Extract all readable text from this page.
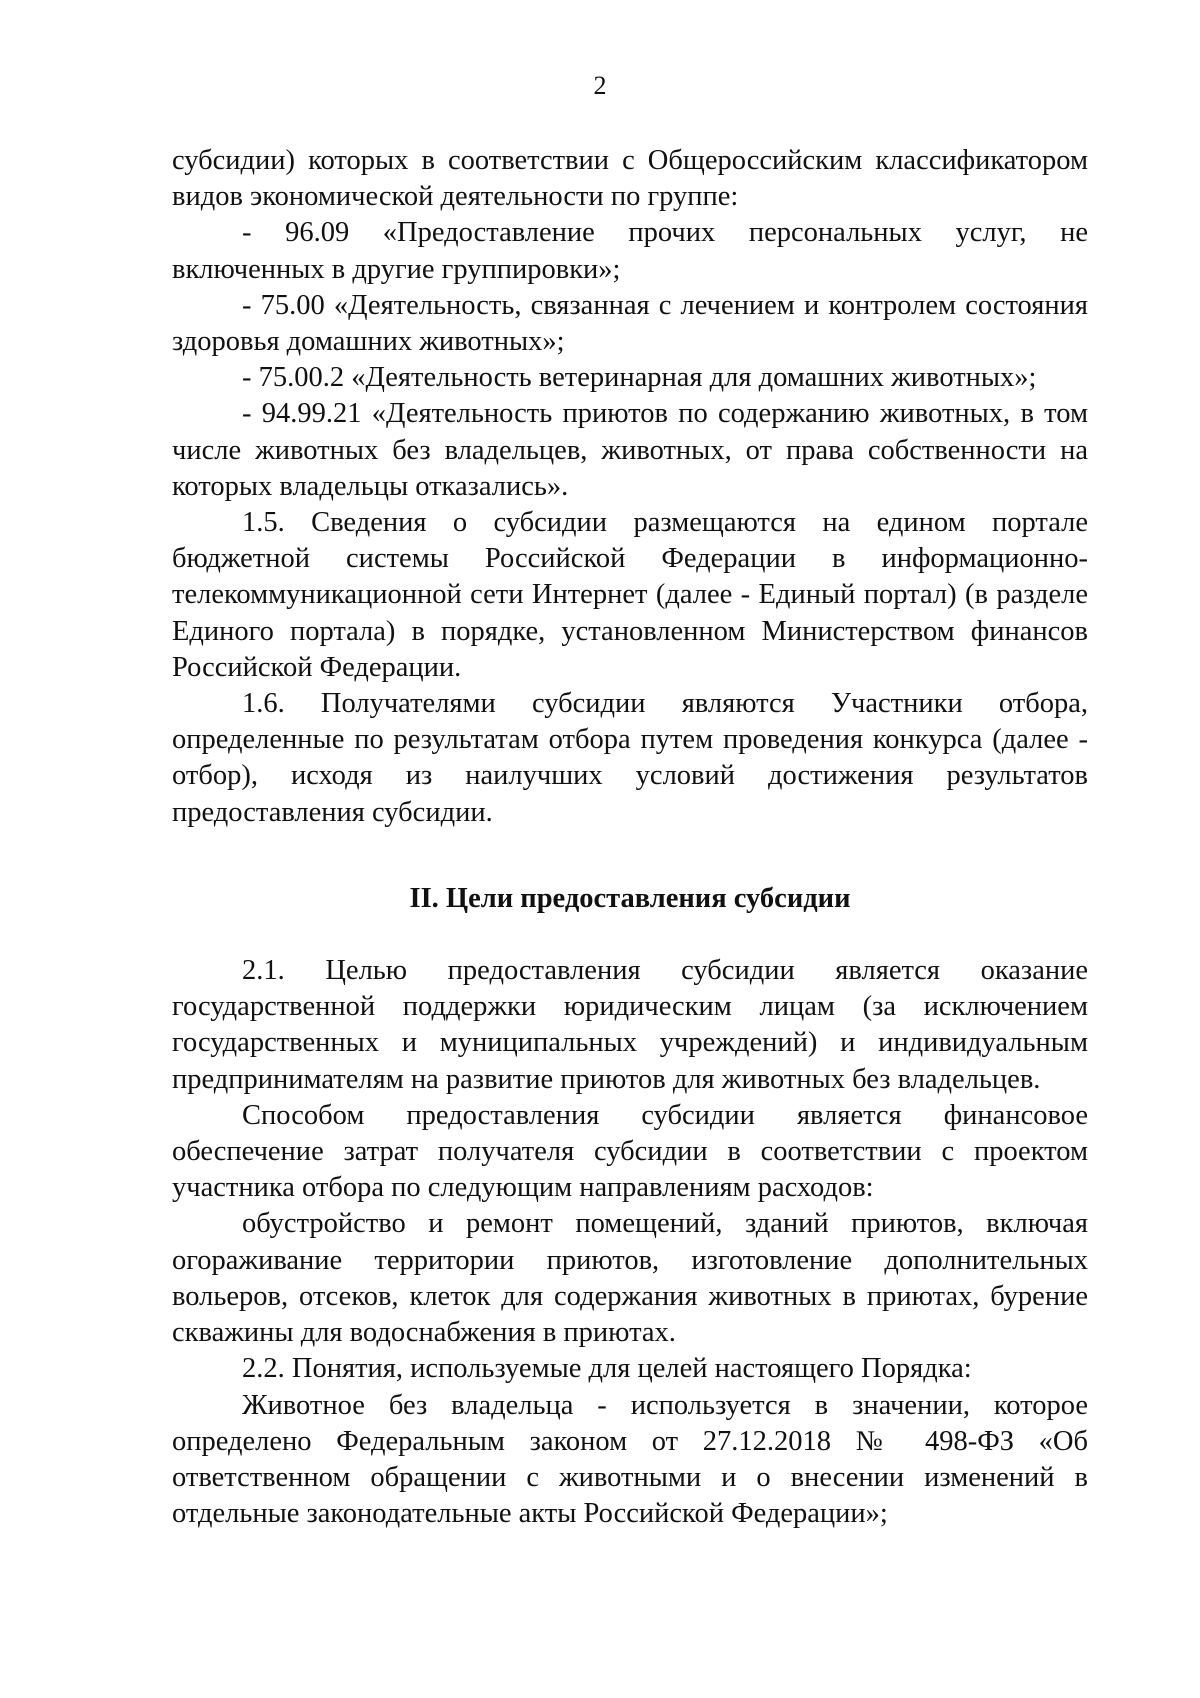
2

субсидии) которых в соответствии с Общероссийским классификатором видов экономической деятельности по группе:

- 96.09 «Предоставление прочих персональных услуг, не включенных в другие группировки»;

- 75.00 «Деятельность, связанная с лечением и контролем состояния здоровья домашних животных»;

- 75.00.2 «Деятельность ветеринарная для домашних животных»;

- 94.99.21 «Деятельность приютов по содержанию животных, в том числе животных без владельцев, животных, от права собственности на которых владельцы отказались».

1.5. Сведения о субсидии размещаются на едином портале бюджетной системы Российской Федерации в информационно-телекоммуникационной сети Интернет (далее - Единый портал) (в разделе Единого портала) в порядке, установленном Министерством финансов Российской Федерации.

1.6. Получателями субсидии являются Участники отбора, определенные по результатам отбора путем проведения конкурса (далее - отбор), исходя из наилучших условий достижения результатов предоставления субсидии.

II. Цели предоставления субсидии

2.1. Целью предоставления субсидии является оказание государственной поддержки юридическим лицам (за исключением государственных и муниципальных учреждений) и индивидуальным предпринимателям на развитие приютов для животных без владельцев.

Способом предоставления субсидии является финансовое обеспечение затрат получателя субсидии в соответствии с проектом участника отбора по следующим направлениям расходов:

обустройство и ремонт помещений, зданий приютов, включая огораживание территории приютов, изготовление дополнительных вольеров, отсеков, клеток для содержания животных в приютах, бурение скважины для водоснабжения в приютах.

2.2. Понятия, используемые для целей настоящего Порядка:

Животное без владельца - используется в значении, которое определено Федеральным законом от 27.12.2018 № 498-ФЗ «Об ответственном обращении с животными и о внесении изменений в отдельные законодательные акты Российской Федерации»;
